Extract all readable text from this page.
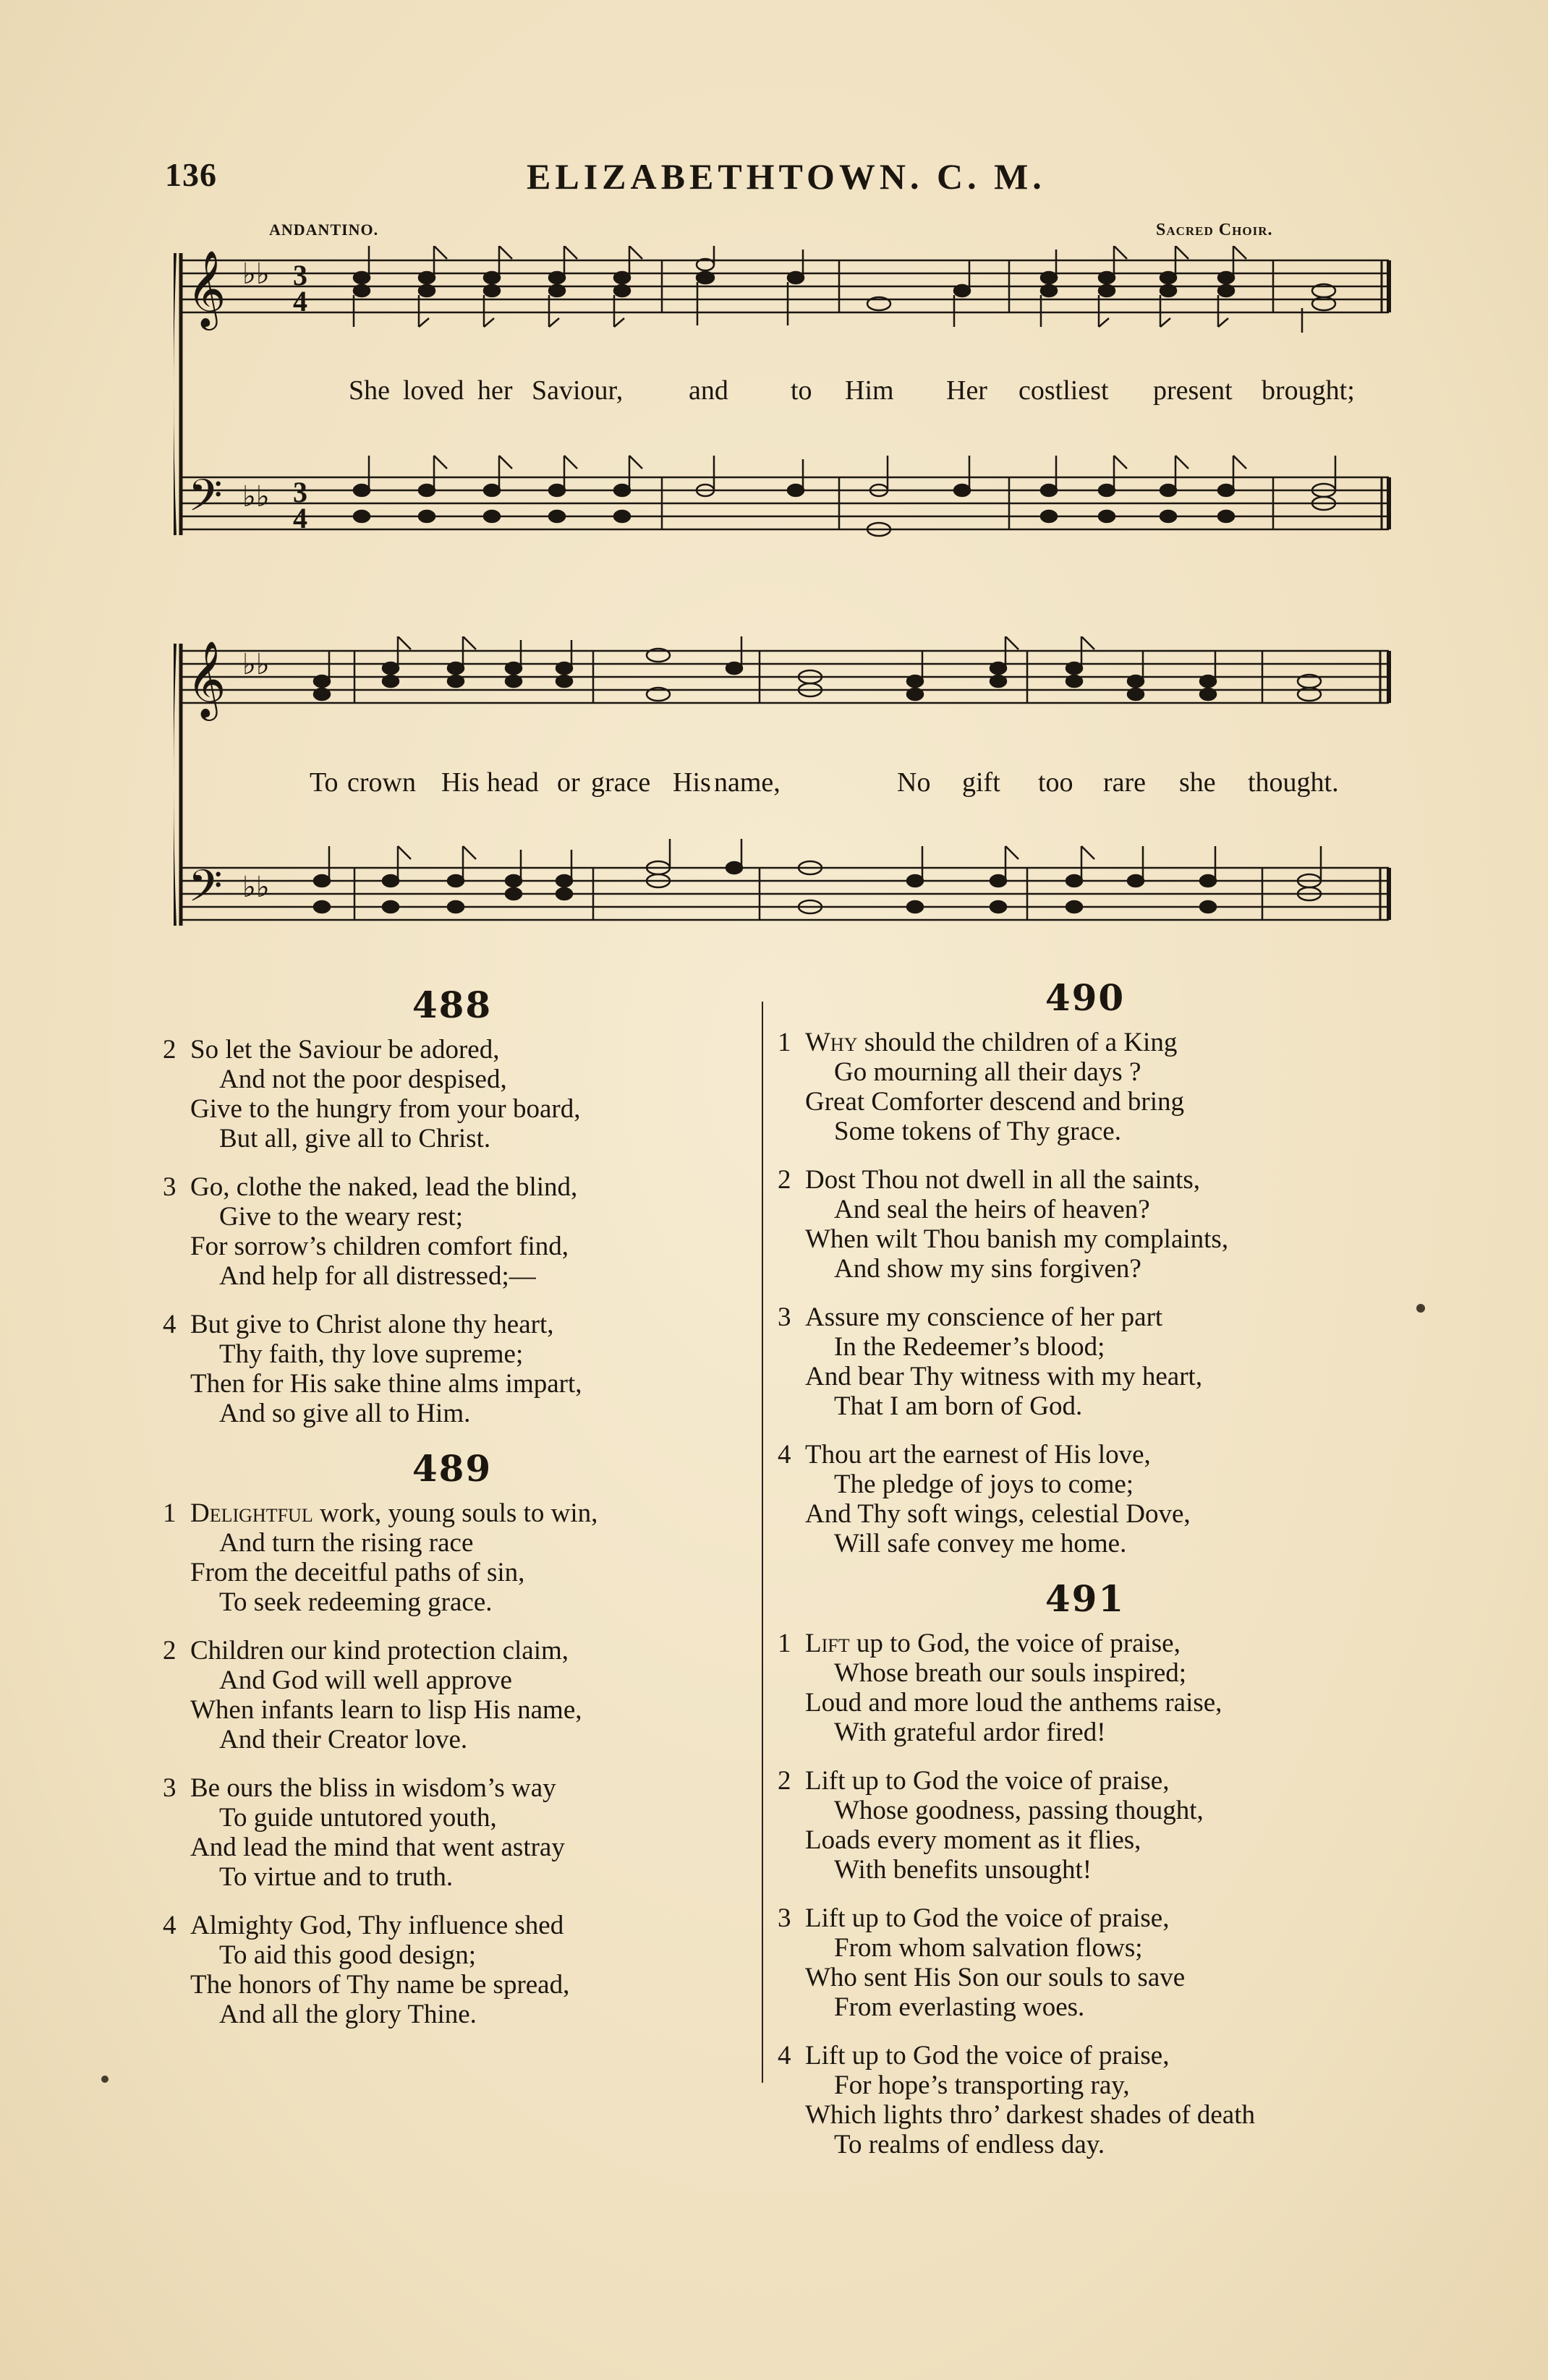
136	ELIZABETHTOWN. C. M.
ANDANTINO.	Sacred Choir.
𝄞
𝄢
♭♭
♭♭
3
4
3
4
She loved her Saviour, and to Him Her costliest present brought;
𝄞
𝄢
♭♭
♭♭
To crown His head or grace His name,	No gift too rare she thought.
488
2 So let the Saviour be adored,
And not the poor despised,
Give to the hungry from your board,
But all, give all to Christ.
3 Go, clothe the naked, lead the blind,
Give to the weary rest;
For sorrow’s children comfort find,
And help for all distressed;—
4 But give to Christ alone thy heart,
Thy faith, thy love supreme;
Then for His sake thine alms impart,
And so give all to Him.
489
1 Delightful work, young souls to win,
And turn the rising race
From the deceitful paths of sin,
To seek redeeming grace.
2 Children our kind protection claim,
And God will well approve
When infants learn to lisp His name,
And their Creator love.
3 Be ours the bliss in wisdom’s way
To guide untutored youth,
And lead the mind that went astray
To virtue and to truth.
4 Almighty God, Thy influence shed
To aid this good design;
The honors of Thy name be spread,
And all the glory Thine.
490
1 Why should the children of a King
Go mourning all their days ?
Great Comforter descend and bring
Some tokens of Thy grace.
2 Dost Thou not dwell in all the saints,
And seal the heirs of heaven?
When wilt Thou banish my complaints,
And show my sins forgiven?
3 Assure my conscience of her part
In the Redeemer’s blood;
And bear Thy witness with my heart,
That I am born of God.
4 Thou art the earnest of His love,
The pledge of joys to come;
And Thy soft wings, celestial Dove,
Will safe convey me home.
491
1 Lift up to God, the voice of praise,
Whose breath our souls inspired;
Loud and more loud the anthems raise,
With grateful ardor fired!
2 Lift up to God the voice of praise,
Whose goodness, passing thought,
Loads every moment as it flies,
With benefits unsought!
3 Lift up to God the voice of praise,
From whom salvation flows;
Who sent His Son our souls to save
From everlasting woes.
4 Lift up to God the voice of praise,
For hope’s transporting ray,
Which lights thro’ darkest shades of death
To realms of endless day.
